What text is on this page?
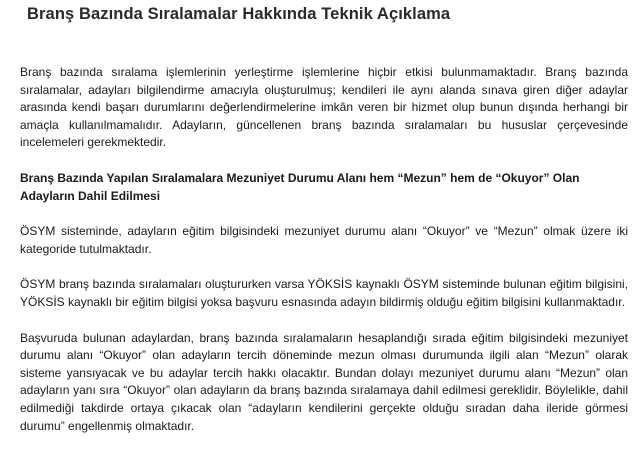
Branş Bazında Sıralamalar Hakkında Teknik Açıklama

Branş bazında sıralama işlemlerinin yerleştirme işlemlerine hiçbir etkisi bulunmamaktadır. Branş bazında sıralamalar, adayları bilgilendirme amacıyla oluşturulmuş; kendileri ile aynı alanda sınava giren diğer adaylar arasında kendi başarı durumlarını değerlendirmelerine imkân veren bir hizmet olup bunun dışında herhangi bir amaçla kullanılmamalıdır. Adayların, güncellenen branş bazında sıralamaları bu hususlar çerçevesinde incelemeleri gerekmektedir.

Branş Bazında Yapılan Sıralamalara Mezuniyet Durumu Alanı hem “Mezun” hem de “Okuyor” Olan Adayların Dahil Edilmesi

ÖSYM sisteminde, adayların eğitim bilgisindeki mezuniyet durumu alanı “Okuyor” ve “Mezun” olmak üzere iki kategoride tutulmaktadır.

ÖSYM branş bazında sıralamaları oluştururken varsa YÖKSİS kaynaklı ÖSYM sisteminde bulunan eğitim bilgisini, YÖKSİS kaynaklı bir eğitim bilgisi yoksa başvuru esnasında adayın bildirmiş olduğu eğitim bilgisini kullanmaktadır.

Başvuruda bulunan adaylardan, branş bazında sıralamaların hesaplandığı sırada eğitim bilgisindeki mezuniyet durumu alanı “Okuyor” olan adayların tercih döneminde mezun olması durumunda ilgili alan “Mezun” olarak sisteme yansıyacak ve bu adaylar tercih hakkı olacaktır. Bundan dolayı mezuniyet durumu alanı “Mezun” olan adayların yanı sıra “Okuyor” olan adayların da branş bazında sıralamaya dahil edilmesi gereklidir. Böylelikle, dahil edilmediği takdirde ortaya çıkacak olan “adayların kendilerini gerçekte olduğu sıradan daha ileride görmesi durumu” engellenmiş olmaktadır.
